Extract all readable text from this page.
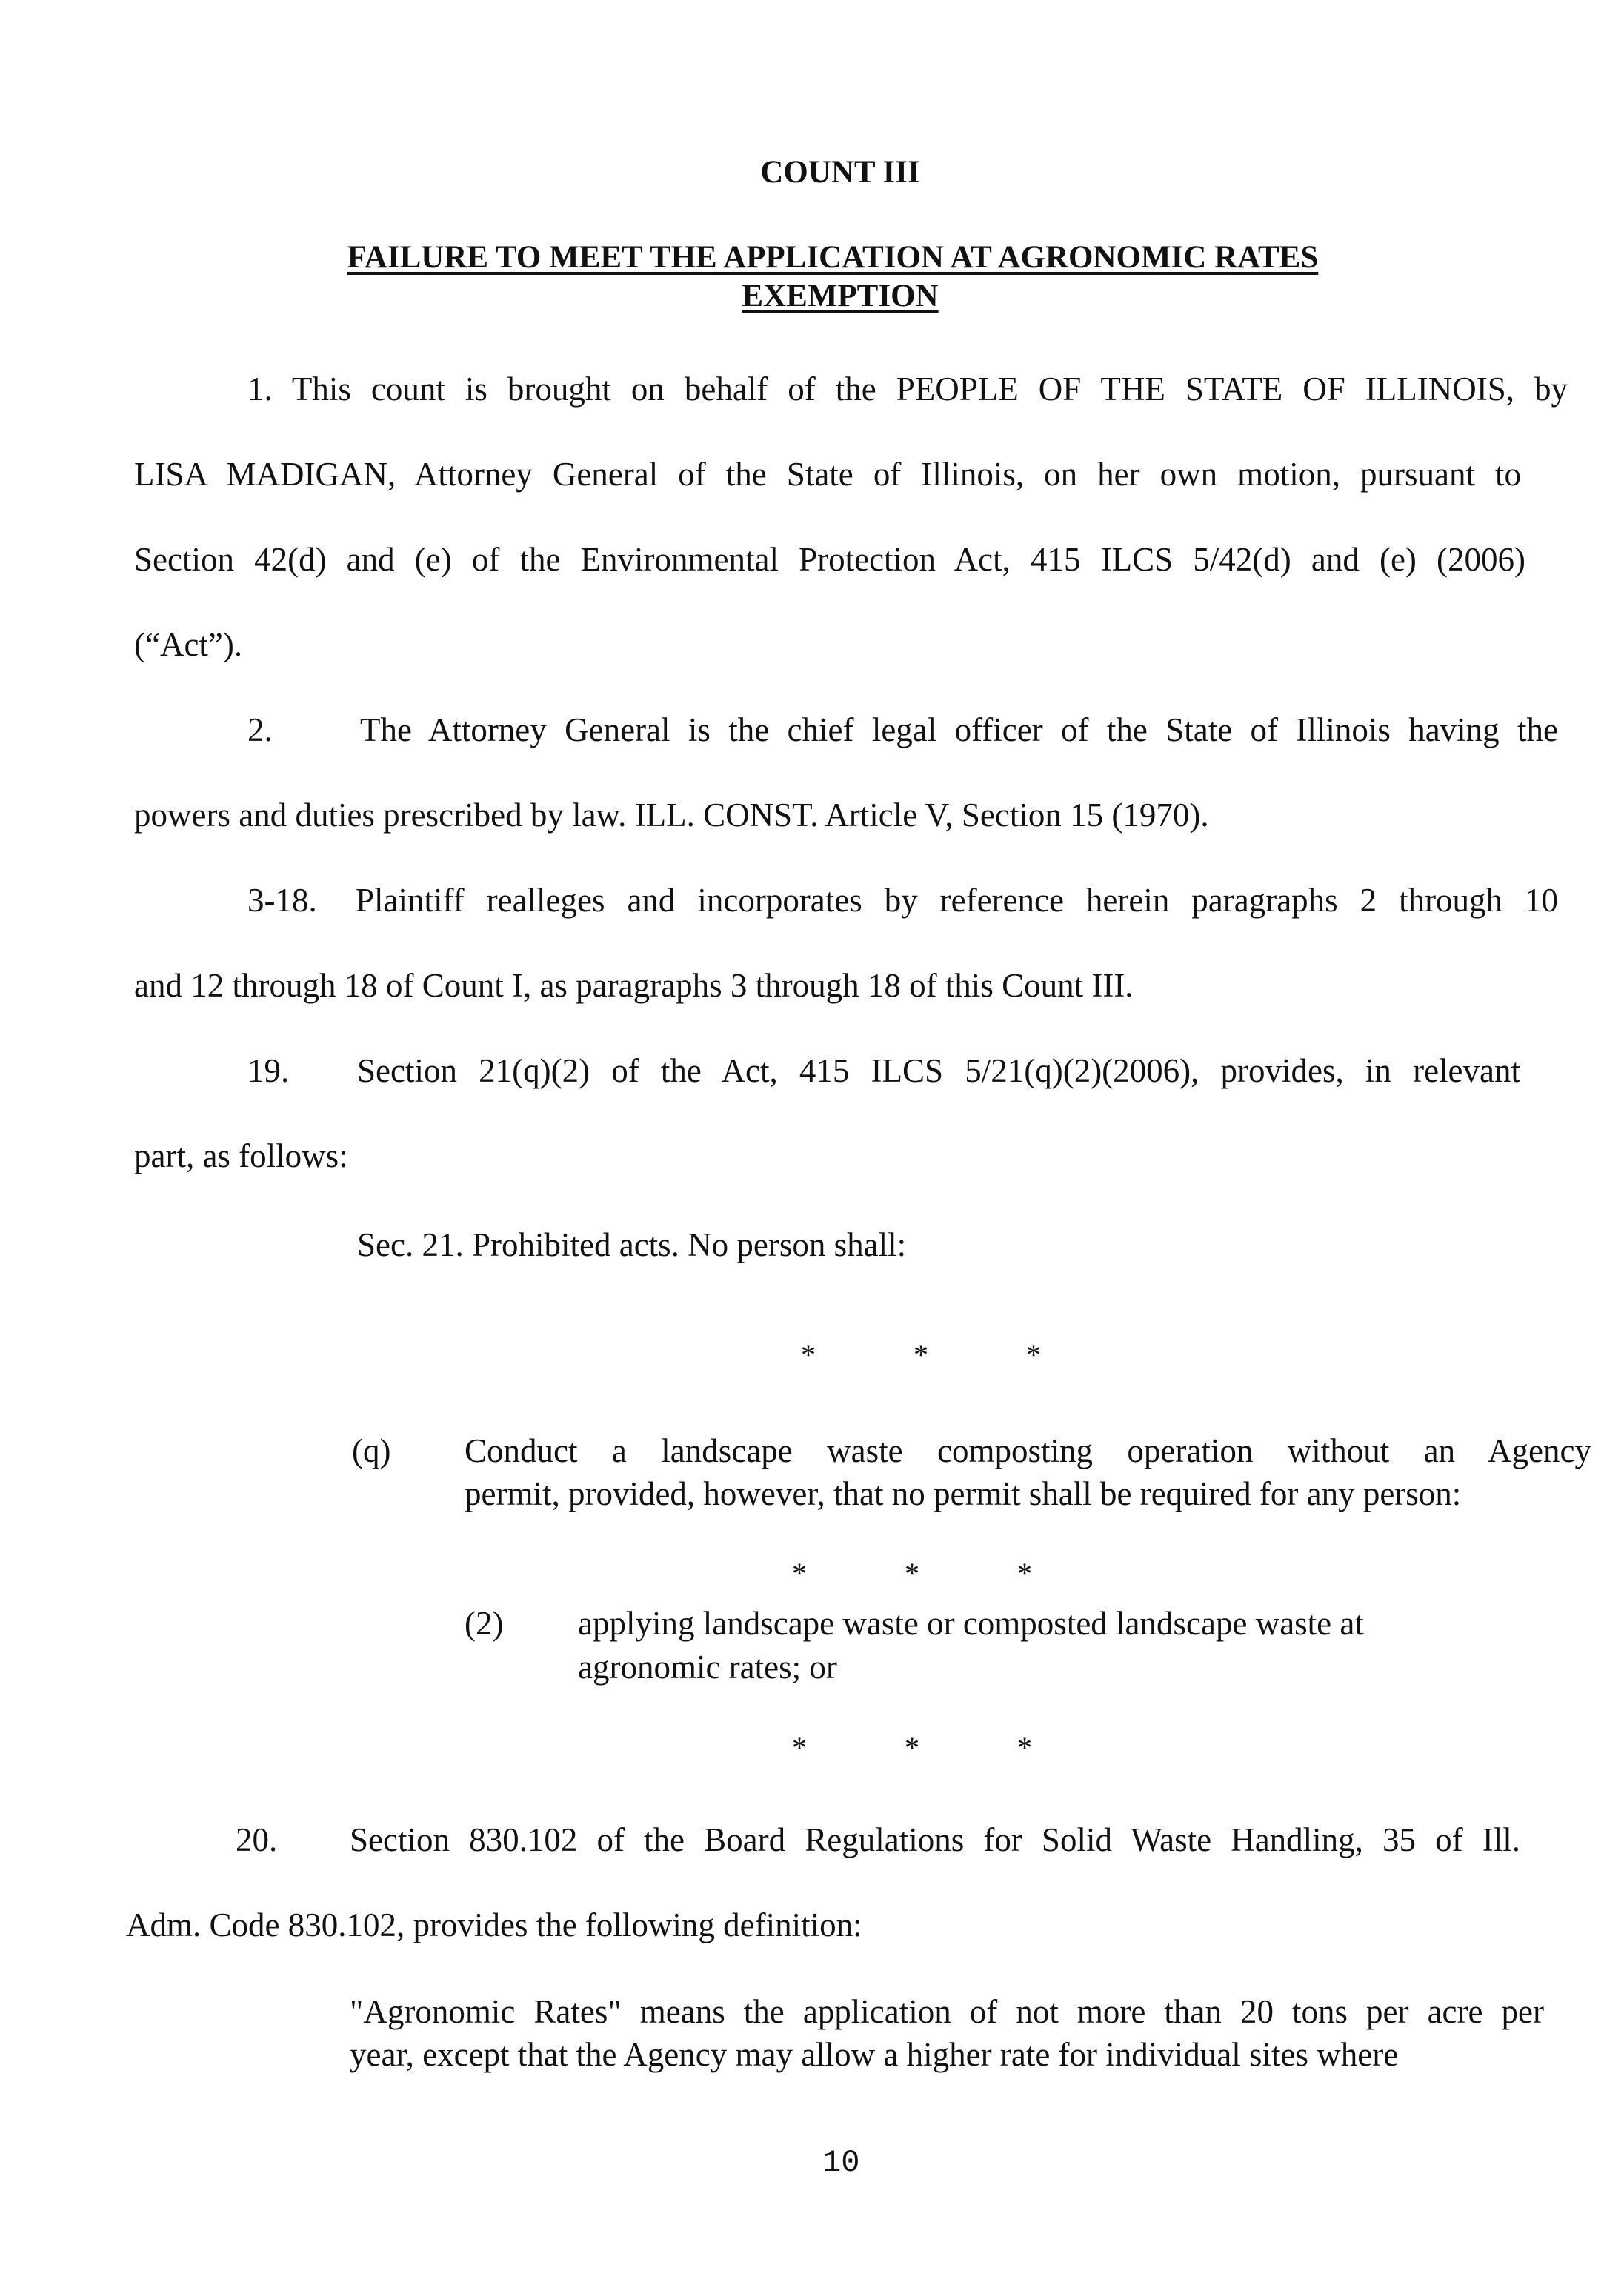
COUNT III
FAILURE TO MEET THE APPLICATION AT AGRONOMIC RATES
EXEMPTION
1. This count is brought on behalf of the PEOPLE OF THE STATE OF ILLINOIS, by
LISA MADIGAN, Attorney General of the State of Illinois, on her own motion, pursuant to
Section 42(d) and (e) of the Environmental Protection Act, 415 ILCS 5/42(d) and (e) (2006)
(“Act”).
2.	The Attorney General is the chief legal officer of the State of Illinois having the
powers and duties prescribed by law. ILL. CONST. Article V, Section 15 (1970).
3-18. Plaintiff realleges and incorporates by reference herein paragraphs 2 through 10
and 12 through 18 of Count I, as paragraphs 3 through 18 of this Count III.
19. Section 21(q)(2) of the Act, 415 ILCS 5/21(q)(2)(2006), provides, in relevant
part, as follows:
Sec. 21. Prohibited acts. No person shall:
*	*	*
(q) Conduct a landscape waste composting operation without an Agency
permit, provided, however, that no permit shall be required for any person:
*	*	*
(2) applying landscape waste or composted landscape waste at
agronomic rates; or
*	*	*
20. Section 830.102 of the Board Regulations for Solid Waste Handling, 35 of Ill.
Adm. Code 830.102, provides the following definition:
"Agronomic Rates" means the application of not more than 20 tons per acre per
year, except that the Agency may allow a higher rate for individual sites where
10
